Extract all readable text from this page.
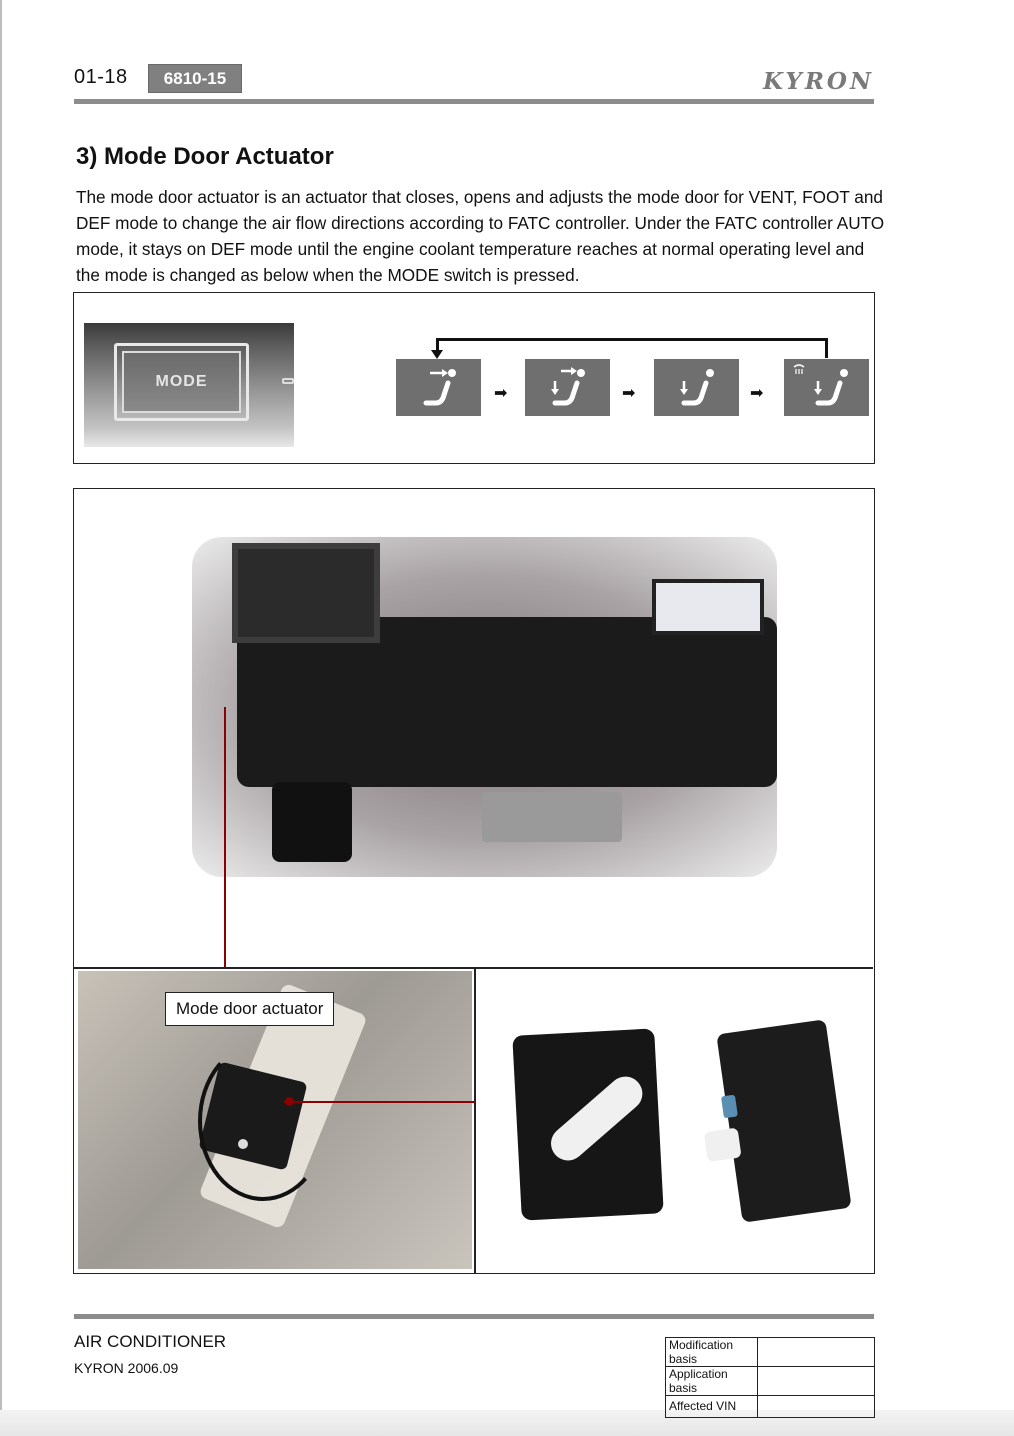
01-18	6810-15	KYRON
3) Mode Door Actuator
The mode door actuator is an actuator that closes, opens and adjusts the mode door for VENT, FOOT and DEF mode to change the air flow directions according to FATC controller. Under the FATC controller AUTO mode, it stays on DEF mode until the engine coolant temperature reaches at normal operating level and the mode is changed as below when the MODE switch is pressed.
MODE
➡	➡	➡
Mode door actuator
AIR CONDITIONER
KYRON 2006.09
Modification basis	
Application basis	
Affected VIN	
